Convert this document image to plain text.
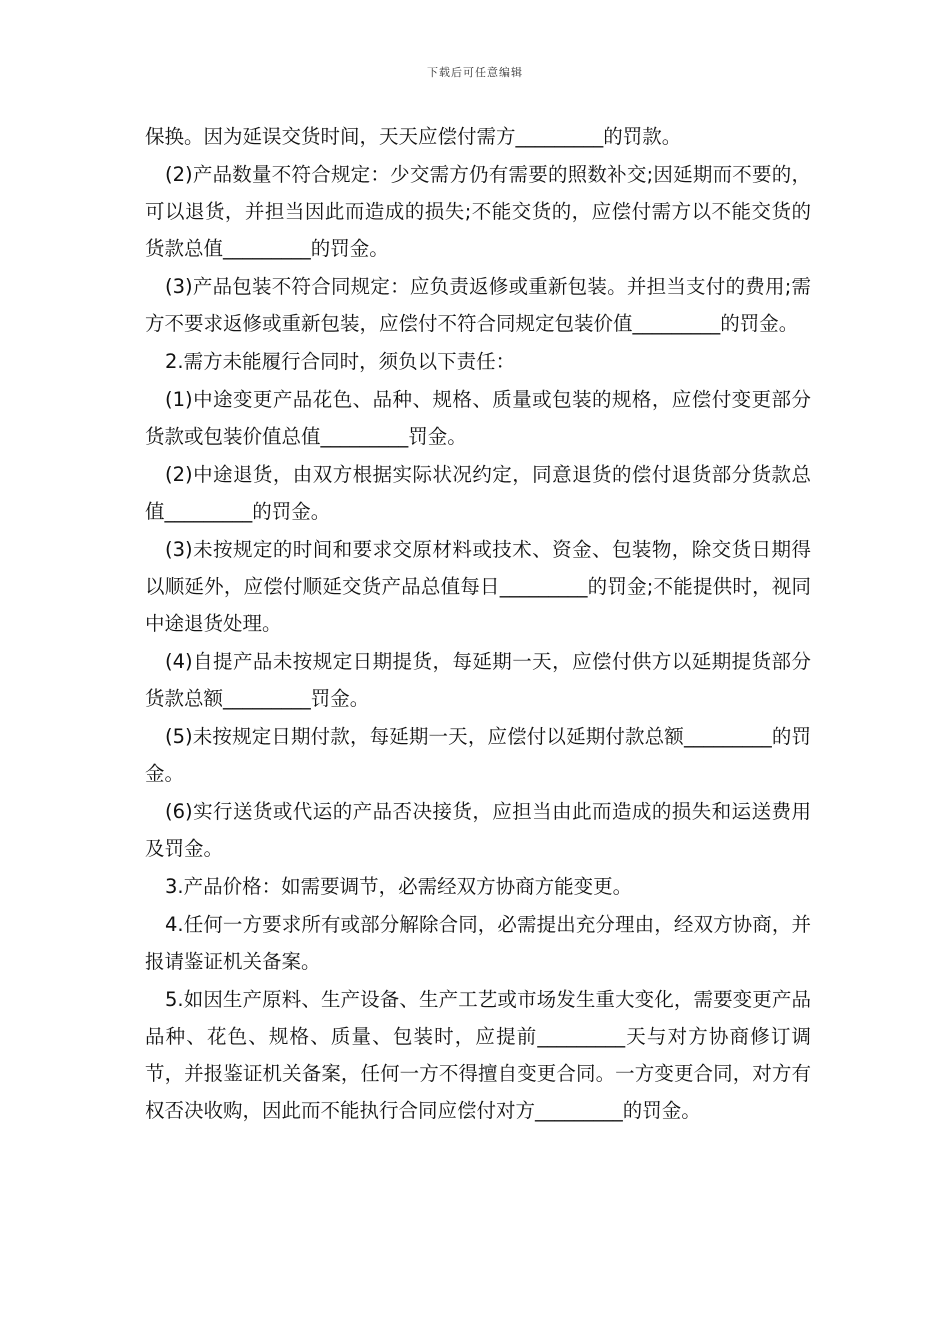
下载后可任意编辑

保换。因为延误交货时间，天天应偿付需方_________的罚款。

(2)产品数量不符合规定：少交需方仍有需要的照数补交;因延期而不要的，可以退货，并担当因此而造成的损失;不能交货的，应偿付需方以不能交货的货款总值_________的罚金。

(3)产品包装不符合同规定：应负责返修或重新包装。并担当支付的费用;需方不要求返修或重新包装，应偿付不符合同规定包装价值_________的罚金。

2.需方未能履行合同时，须负以下责任：

(1)中途变更产品花色、品种、规格、质量或包装的规格，应偿付变更部分货款或包装价值总值_________罚金。

(2)中途退货，由双方根据实际状况约定，同意退货的偿付退货部分货款总值_________的罚金。

(3)未按规定的时间和要求交原材料或技术、资金、包装物，除交货日期得以顺延外，应偿付顺延交货产品总值每日_________的罚金;不能提供时，视同中途退货处理。

(4)自提产品未按规定日期提货，每延期一天，应偿付供方以延期提货部分货款总额_________罚金。

(5)未按规定日期付款，每延期一天，应偿付以延期付款总额_________的罚金。

(6)实行送货或代运的产品否决接货，应担当由此而造成的损失和运送费用及罚金。

3.产品价格：如需要调节，必需经双方协商方能变更。

4.任何一方要求所有或部分解除合同，必需提出充分理由，经双方协商，并报请鉴证机关备案。

5.如因生产原料、生产设备、生产工艺或市场发生重大变化，需要变更产品品种、花色、规格、质量、包装时，应提前_________天与对方协商修订调节，并报鉴证机关备案，任何一方不得擅自变更合同。一方变更合同，对方有权否决收购，因此而不能执行合同应偿付对方_________的罚金。
